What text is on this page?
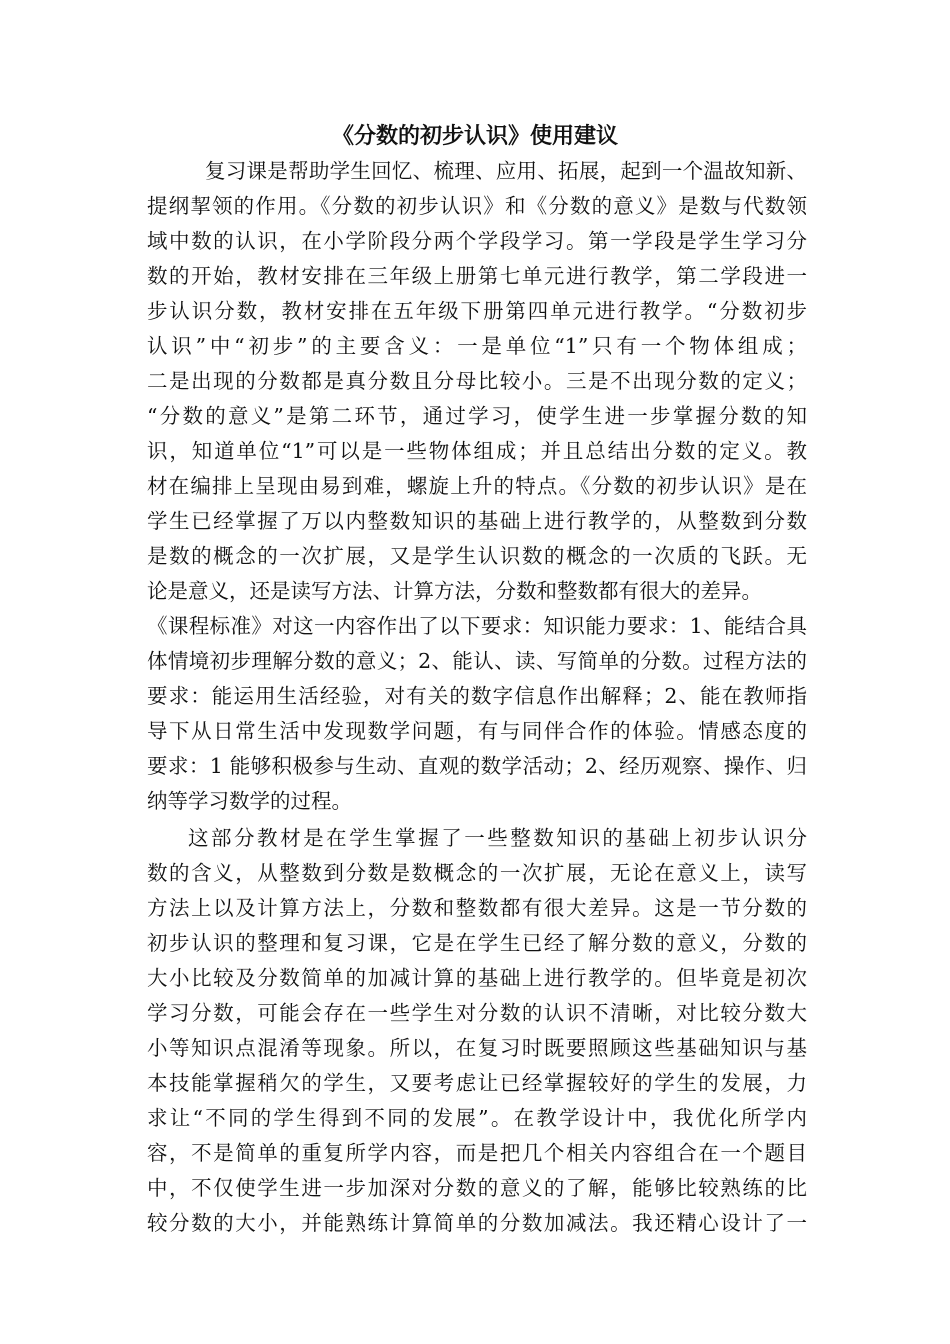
《分数的初步认识》使用建议
复习课是帮助学生回忆、梳理、应用、拓展，起到一个温故知新、
提纲挈领的作用。《分数的初步认识》和《分数的意义》是数与代数领
域中数的认识，在小学阶段分两个学段学习。第一学段是学生学习分
数的开始，教材安排在三年级上册第七单元进行教学，第二学段进一
步认识分数，教材安排在五年级下册第四单元进行教学。“分数初步
认识”中“初步”的主要含义：一是单位“1”只有一个物体组成；
二是出现的分数都是真分数且分母比较小。三是不出现分数的定义；
“分数的意义”是第二环节，通过学习，使学生进一步掌握分数的知
识，知道单位“1”可以是一些物体组成；并且总结出分数的定义。教
材在编排上呈现由易到难，螺旋上升的特点。《分数的初步认识》是在
学生已经掌握了万以内整数知识的基础上进行教学的，从整数到分数
是数的概念的一次扩展，又是学生认识数的概念的一次质的飞跃。无
论是意义，还是读写方法、计算方法，分数和整数都有很大的差异。
《课程标准》对这一内容作出了以下要求：知识能力要求：1、能结合具
体情境初步理解分数的意义；2、能认、读、写简单的分数。过程方法的
要求：能运用生活经验，对有关的数字信息作出解释；2、能在教师指
导下从日常生活中发现数学问题，有与同伴合作的体验。情感态度的
要求：1 能够积极参与生动、直观的数学活动；2、经历观察、操作、归
纳等学习数学的过程。
这部分教材是在学生掌握了一些整数知识的基础上初步认识分
数的含义，从整数到分数是数概念的一次扩展，无论在意义上，读写
方法上以及计算方法上，分数和整数都有很大差异。这是一节分数的
初步认识的整理和复习课，它是在学生已经了解分数的意义，分数的
大小比较及分数简单的加减计算的基础上进行教学的。但毕竟是初次
学习分数，可能会存在一些学生对分数的认识不清晰，对比较分数大
小等知识点混淆等现象。所以，在复习时既要照顾这些基础知识与基
本技能掌握稍欠的学生，又要考虑让已经掌握较好的学生的发展，力
求让“不同的学生得到不同的发展”。在教学设计中，我优化所学内
容，不是简单的重复所学内容，而是把几个相关内容组合在一个题目
中，不仅使学生进一步加深对分数的意义的了解，能够比较熟练的比
较分数的大小，并能熟练计算简单的分数加减法。我还精心设计了一
